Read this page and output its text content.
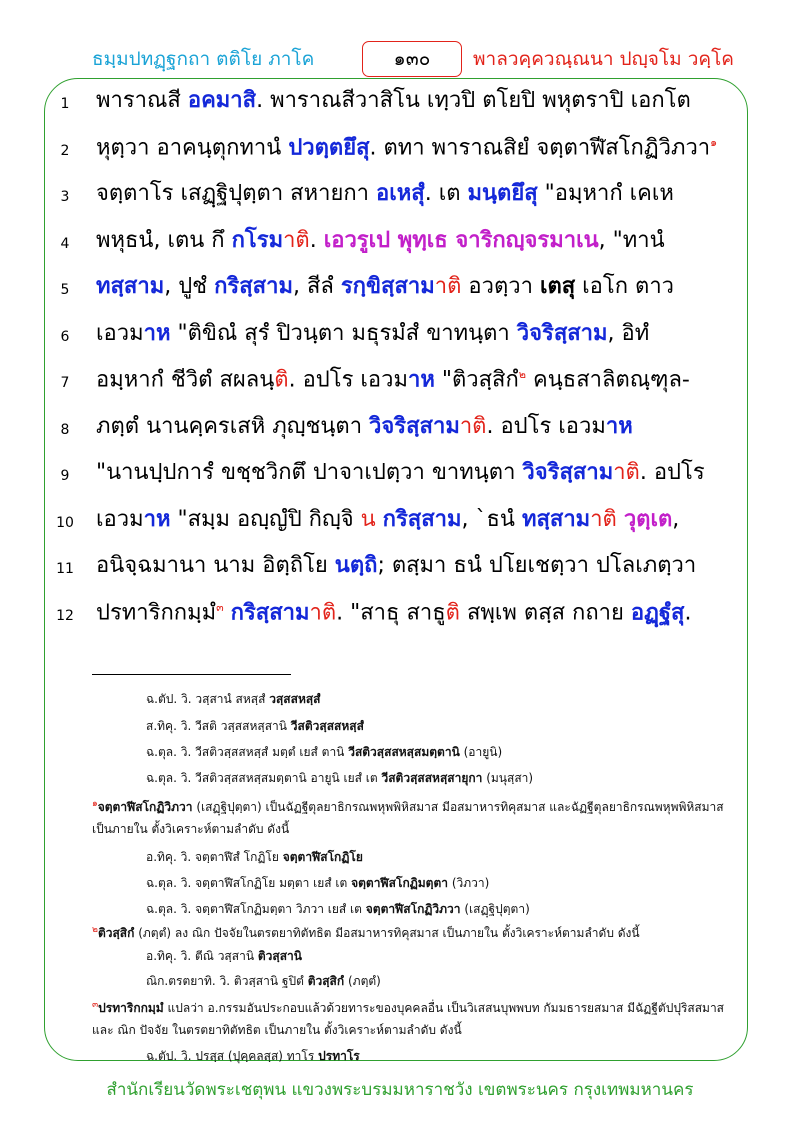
ธมฺมปทฏฺฐกถา ตติโย ภาโค	๑๓๐	พาลวคฺควณฺณนา ปญฺจโม วคฺโค
1	พาราณสี อคมาสิ. พาราณสีวาสิโน เทฺวปิ ตโยปิ พหุตราปิ เอกโต
2	หุตฺวา อาคนฺตุกทานํ ปวตฺตยึสุ. ตทา พาราณสิยํ จตฺตาฬีสโกฏิวิภวา$^๑$
3	จตฺตาโร เสฏฺฐิปุตฺตา สหายกา อเหสุํ. เต มนฺตยึสุ "อมฺหากํ เคเห
4	พหุธนํ, เตน กึ กโรมาติ. เอวรูเป พุทฺเธ จาริกญฺจรมาเน, "ทานํ
5	ทสฺสาม, ปูชํ กริสฺสาม, สีลํ รกฺขิสฺสามาติ อวตฺวา เตสุ เอโก ตาว
6	เอวมาห "ติขิณํ สุรํ ปิวนฺตา มธุรมํสํ ขาทนฺตา วิจริสฺสาม, อิทํ
7	อมฺหากํ ชีวิตํ สผลนฺติ. อปโร เอวมาห "ติวสฺสิกํ$^๒$ คนฺธสาลิตณฺฑุล-
8	ภตฺตํ นานคฺครเสหิ ภุญฺชนฺตา วิจริสฺสามาติ. อปโร เอวมาห
9	"นานปฺปการํ ขชฺชวิกตึ ปาจาเปตฺวา ขาทนฺตา วิจริสฺสามาติ. อปโร
10 เอวมาห "สมฺม อญฺญํปิ กิญฺจิ น กริสฺสาม, `ธนํ ทสฺสามาติ วุตฺเต,
11 อนิจฺฉมานา นาม อิตฺถิโย นตฺถิ; ตสฺมา ธนํ ปโยเชตฺวา ปโลเภตฺวา
12 ปรทาริกกมฺมํ$^๓$ กริสฺสามาติ. "สาธุ สาธูติ สพฺเพ ตสฺส กถาย อฏฺฐํสุ.
ฉ.ตัป. วิ. วสฺสานํ สหสฺสํ วสฺสสหสฺสํ
ส.ทิคุ. วิ. วีสติ วสฺสสหสฺสานิ วีสติวสฺสสหสฺสํ
ฉ.ตุล. วิ. วีสติวสฺสสหสฺสํ มตฺตํ เยสํ ตานิ วีสติวสฺสสหสฺสมตฺตานิ (อายูนิ)
ฉ.ตุล. วิ. วีสติวสฺสสหสฺสมตฺตานิ อายูนิ เยสํ เต วีสติวสฺสสหสฺสายุกา (มนุสฺสา)
$^๑$จตฺตาฬีสโกฏิวิภวา (เสฏฺฐิปุตฺตา) เป็นฉัฏฐีตุลยาธิกรณพหุพพิหิสมาส มีอสมาหารทิคุสมาส และฉัฏฐีตุลยาธิกรณพหุพพิหิสมาส
เป็นภายใน ตั้งวิเคราะห์ตามลำดับ ดังนี้
อ.ทิคุ. วิ. จตฺตาฬีสํ โกฏิโย จตฺตาฬีสโกฏิโย
ฉ.ตุล. วิ. จตฺตาฬีสโกฏิโย มตฺตา เยสํ เต จตฺตาฬีสโกฏิมตฺตา (วิภวา)
ฉ.ตุล. วิ. จตฺตาฬีสโกฏิมตฺตา วิภวา เยสํ เต จตฺตาฬีสโกฏิวิภวา (เสฏฺฐิปุตฺตา)
$^๒$ติวสฺสิกํ (ภตฺตํ) ลง ณิก ปัจจัยในตรตยาทิตัทธิต มีอสมาหารทิคุสมาส เป็นภายใน ตั้งวิเคราะห์ตามลำดับ ดังนี้
อ.ทิคุ. วิ. ตีณิ วสฺสานิ ติวสฺสานิ
ณิก.ตรตยาทิ. วิ. ติวสฺสานิ ฐปิตํ ติวสฺสิกํ (ภตฺตํ)
$^๓$ปรทาริกกมฺมํ แปลว่า อ.กรรมอันประกอบแล้วด้วยทาระของบุคคลอื่น เป็นวิเสสนบุพพบท กัมมธารยสมาส มีฉัฏฐีตัปปุริสสมาส
และ ณิก ปัจจัย ในตรตยาทิตัทธิต เป็นภายใน ตั้งวิเคราะห์ตามลำดับ ดังนี้
ฉ.ตัป. วิ. ปรสฺส (ปุคฺคลสฺส) ทาโร ปรทาโร
สำนักเรียนวัดพระเชตุพน แขวงพระบรมมหาราชวัง เขตพระนคร กรุงเทพมหานคร
